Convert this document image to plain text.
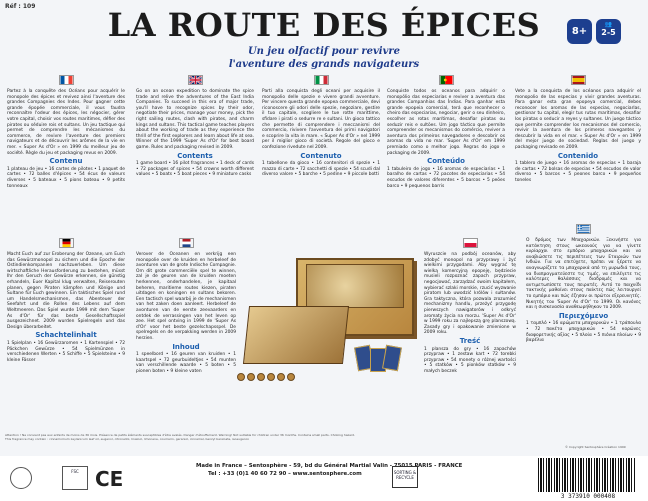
Réf : 109	LA ROUTE DES ÉPICES
Un jeu olfactif pour revivre
l'aventure des grands navigateurs
8+
👥
2-5

Partez à la conquête des Océans pour acquérir le monopole des épices et revivez ainsi l'aventure des grandes Compagnies des Indes. Pour gagner cette grande épopée commerciale, il vous faudra reconnaître l'odeur des épices, les négocier, gérer votre capital, choisir vos routes maritimes, défier des pirates ou séduire rois et sultans. Un jeu tactique qui permet de comprendre les mécanismes du commerce, de revivre l'aventure des premiers navigateurs et de découvrir les arômes de la vie en mer. « Super As d'Or » en 1999 du meilleur jeu de société. Règle du jeu et packaging revus en 2009.

Contenu

1 plateau de jeu • 16 cartes de pilotes • 1 paquet de cartes • 72 balles d'épices • 54 écus de valeurs diverses • 5 bateaux • 5 pions bateau • 9 petits tonneaux

Go on an ocean expedition to dominate the spice trade and relive the adventures of the East India Companies. To succeed in this era of major trade, you'll have to recognize spices by their odor, negotiate their prices, manage your money, pick the right sailing routes, clash with pirates, and charm kings and sultans. This tactical game teaches players about the working of trade as they experience the thrill of the first explorers and learn about life at sea. Winner of the 1999 'Super As d'Or' for best board game. Rules and packaging revised in 2009.

Contents

1 game board • 16 pilot fragrances • 1 deck of cards • 72 packages of spices • 54 crowns worth different values • 5 boats • 5 boat pieces • 9 miniature casks

Parti alla conquista degli oceani per acquisire il monopolio delle spezie e vivere grandi avventure. Per vincere questa grande epopea commerciale, devi riconoscere gli odori delle spezie, negoziare, gestire il tuo capitale, scegliere le tue rotte marittime, sfidare i pirati o sedurre re e sultani. Un gioco tattico che permette di comprendere i meccanismi del commercio, rivivere l'avventura dei primi navigatori e scoprire la vita in mare. « Super As d'Or » nel 1999 per il miglior gioco di società. Regole del gioco e confezione rivedute nel 2009.

Contenuto

1 tabellone da gioco • 16 contenitori di spezie • 1 mazzo di carte • 72 sacchetti di spezie • 54 scudi dal diverso valore • 5 barche • 5 pedine • 9 piccole botti

Conquiste todos os oceanos para adquirir o monopólio das especiarias e reviver a aventura das grandes Companhias das Índias. Para ganhar esta grande epopeia comercial, terá que reconhecer o cheiro das especiarias, negociar, gerir o seu dinheiro, escolher as rotas marítimas, desafiar piratas ou seduzir reis e sultões. Um jogo táctico que permite compreender os mecanismos do comércio, reviver a aventura dos primeiros navegadores e descobrir os aromas da vida no mar. 'Super As d'Or' em 1999 premiado como o melhor jogo. Regras do jogo e packaging de 2009.

Conteúdo

1 tabuleiro de jogo • 16 aromas de especiarias • 1 baralho de cartas • 72 pacotes de especiarias • 54 escudos de valores diferentes • 5 barcos • 5 peões barco • 9 pequenos barris

Vete a la conquista de los océanos para adquirir el monopolio de las especias y vivir grandes aventuras. Para ganar esta gran epopeya comercial, debes reconocer los aromas de las especias, negociarlas, gestionar tu capital, elegir tus rutas marítimas, desafiar los piratas o seducir a reyes y sultanes. Un juego táctico que permite comprender los mecanismos del comercio, revivir la aventura de los primeros navegantes y descubrir la vida en el mar. « Super As d'Or » en 1999 del mejor juego de sociedad. Reglas del juego y packaging revisado en 2009.

Contenido

1 tablero de juego • 16 aromas de especias • 1 baraja de cartas • 72 bolsas de especias • 54 escudos de valor diverso • 5 barcos • 5 peones barco • 9 pequeños toneles

Macht Euch auf zur Eroberung der Ozeane, um Euch das Gewürzmonopol zu sichern und die Epoche der Ostindienkompanien nachzuerleben. Um diese wirtschaftliche Herausforderung zu bestehen, müsst Ihr den Geruch der Gewürze erkennen, sie günstig erhandeln, Euer Kapital klug verwalten, Reiserouten planen, gegen Piraten kämpfen und Könige und Sultane für Euch gewinnen. Ein taktisches Spiel rund um Handelsmechanismen, das Abenteuer der Seefahrt und die Rollen des Lebens auf dem Weltmeeren. Das Spiel wurde 1999 mit dem 'Super As d'Or' für das beste Gesellschaftsspiel ausgezeichnet. 2009 wurden Spielregeln und das Design überarbeitet.

Schachtelinhalt

1 Spielplan • 16 Gewürzaromen • 1 Kartenspiel • 72 Päckchen Gewürze • 54 Spielmünzen in verschiedenen Werten • 5 Schiffe • 5 Spielsteine • 9 kleine Fässer

Verover de Oceanen en verkrijg een monopolie over de kruiden en herbeleef de avonturen van de grote Indische Compagnie. Om dit grote commerciële spel te winnen, zal je de geuren van de kruiden moeten herkennen, onderhandelen, je kapitaal beheren, maritieme routes kiezen, piraten uitdagen en koningen en sultans bekoren. Een tactisch spel waarbij je de mechanismen van het zaken doen aanleert. Herbeleef de avonturen van de eerste zeevaarders en ontdek de verrassingen van het leven op zee. Het spel ontving in 1999 de 'Super As d'Or' voor het beste gezelschapsspel. De spelregels en de verpakking werden in 2009 herzien.

Inhoud

1 speelbord • 16 geuren van kruiden • 1 kaartspel • 72 geurbuideltjes • 54 munten van verschillende waarde • 5 boten • 5 pionen boten • 9 kleine vaten

Wyruszcie na podbój oceanów, aby zdobyć monopol na przyprawy i żyć wielkimi przygodami. Aby wygrać tę wielką komercyjną epopeję, będziecie musieli rozpoznać zapach przypraw, negocjować, zarządzać swoim kapitałem, wybierać szlaki morskie, rzucić wyzwanie piratom lub uwodzić królów i sułtanów. Gra taktyczna, która pozwala zrozumieć mechanizmy handlu, przeżyć przygodę pierwszych nawigatorów i odkryć aromaty życia na morzu. 'Super As d'Or' w 1999 roku za najlepszą grę planszową. Zasady gry i opakowanie zmienione w 2009 roku.

Treść

1 plansza do gry • 16 zapachów przypraw • 1 zestaw kart • 72 torebki przypraw • 54 monety o różnej wartości • 5 statków • 5 pionków statków • 9 małych beczek

Ο δρόμος των Μπαχαρικών. Ξεκινήστε για κατάκτηση στους ωκεανούς για να γίνετε κυρίαρχοι στο εμπόριο μπαχαρικών και να αναβιώσετε τις περιπέτειες των Εταιριών των Ινδιών. Για να επιτύχετε, πρέπει να ξέρετε να αναγνωρίζετε τα μπαχαρικά από τη μυρωδιά τους, να διαπραγματεύεστε τις τιμές, να επιλέγετε τις καλύτερες θαλάσσιες διαδρομές και να αντιμετωπίσετε τους πειρατές. Αυτό το παιχνίδι τακτικής μαθαίνει στους παίκτες πώς λειτουργεί το εμπόριο και πώς έζησαν οι πρώτοι εξερευνητές. Νικητής του 'Super As d'Or' το 1999. Οι κανόνες και η συσκευασία αναθεωρήθηκαν το 2009.

Περιεχόμενο

1 ταμπλό • 16 αρώματα μπαχαρικών • 1 τράπουλα • 72 πακέτα μπαχαρικών • 54 κορώνες διαφορετικής αξίας • 5 πλοία • 5 πιόνια πλοίων • 9 βαρέλια

Attention ! Ne convient pas aux enfants de moins de 36 mois. Présence de petits éléments susceptibles d'être avalés. Danger d'étouffement. Warning! Not suitable for children under 36 months. Contains small parts. Choking hazard.
This fragrance may contain : cinnamomum zeylanicum leaf oil, eugenol, citronellol, linalool, limonene, coumarin, geraniol, cinnamal, benzyl benzoate, isoeugenol.
© Copyright Sentosphère Création 1999
FSC CE
Made in France – Sentosphère - 59, bd du Général Martial Valin - 75015 PARIS - FRANCE
Tel : +33 (0)1 40 60 72 90 – www.sentosphere.com	SORTING & RECYCLE
3 373910 000408
